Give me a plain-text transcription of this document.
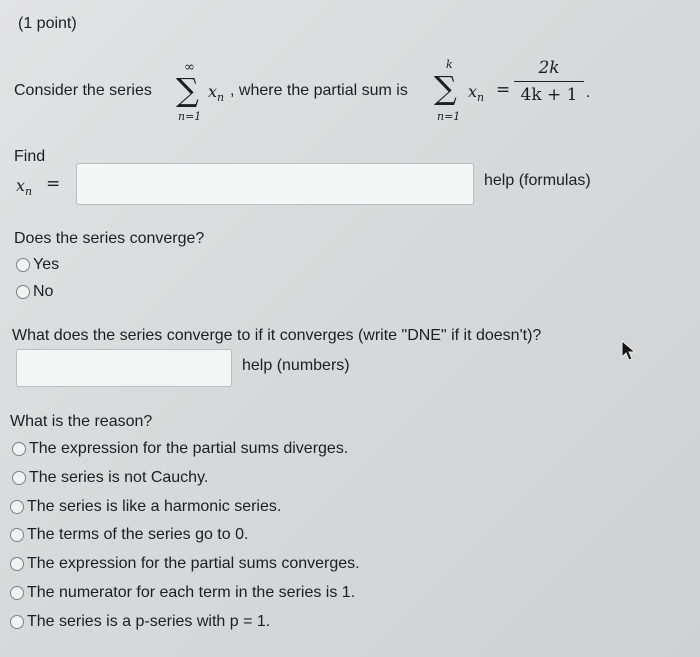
(1 point)
Consider the series
∞
∑
n=1
$x_n$ , where the partial sum is
k
∑
n=1
$x_n = \frac{2k}{4k + 1}$ .
Find
$x_n$ =	help (formulas)
Does the series converge?
Yes
No
What does the series converge to if it converges (write "DNE" if it doesn't)?
help (numbers)
What is the reason?
The expression for the partial sums diverges.
The series is not Cauchy.
The series is like a harmonic series.
The terms of the series go to 0.
The expression for the partial sums converges.
The numerator for each term in the series is 1.
The series is a p-series with p = 1.
